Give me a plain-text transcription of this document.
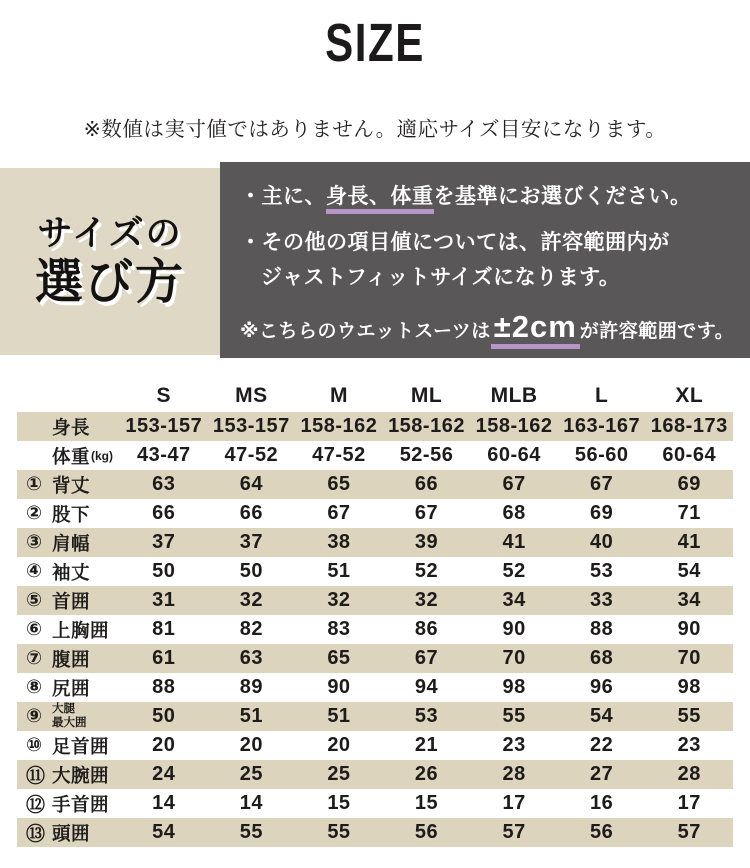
SIZE
※数値は実寸値ではありません。適応サイズ目安になります。
サイズの
選び方
・主に、身長、体重を基準にお選びください。
・その他の項目値については、許容範囲内が
ジャストフィットサイズになります。
※こちらのウエットスーツは±2cm が許容範囲です。
S	MS	M	ML	MLB	L	XL
身長 153-157 153-157 158-162 158-162 158-162 163-167 168-173
体重 (kg)	43-47	47-52	47-52	52-56	60-64	56-60	60-64
① 背丈	63	64	65	66	67	67	69
② 股下	66	66	67	67	68	69	71
③ 肩幅	37	37	38	39	41	40	41
④ 袖丈	50	50	51	52	52	53	54
⑤ 首囲	31	32	32	32	34	33	34
⑥ 上胸囲	81	82	83	86	90	88	90
⑦ 腹囲	61	63	65	67	70	68	70
⑧ 尻囲	88	89	90	94	98	96	98
⑨ 大腿
最大囲	50	51	51	53	55	54	55
⑩ 足首囲	20	20	20	21	23	22	23
⑪ 大腕囲	24	25	25	26	28	27	28
⑫ 手首囲	14	14	15	15	17	16	17
⑬ 頭囲	54	55	55	56	57	56	57
